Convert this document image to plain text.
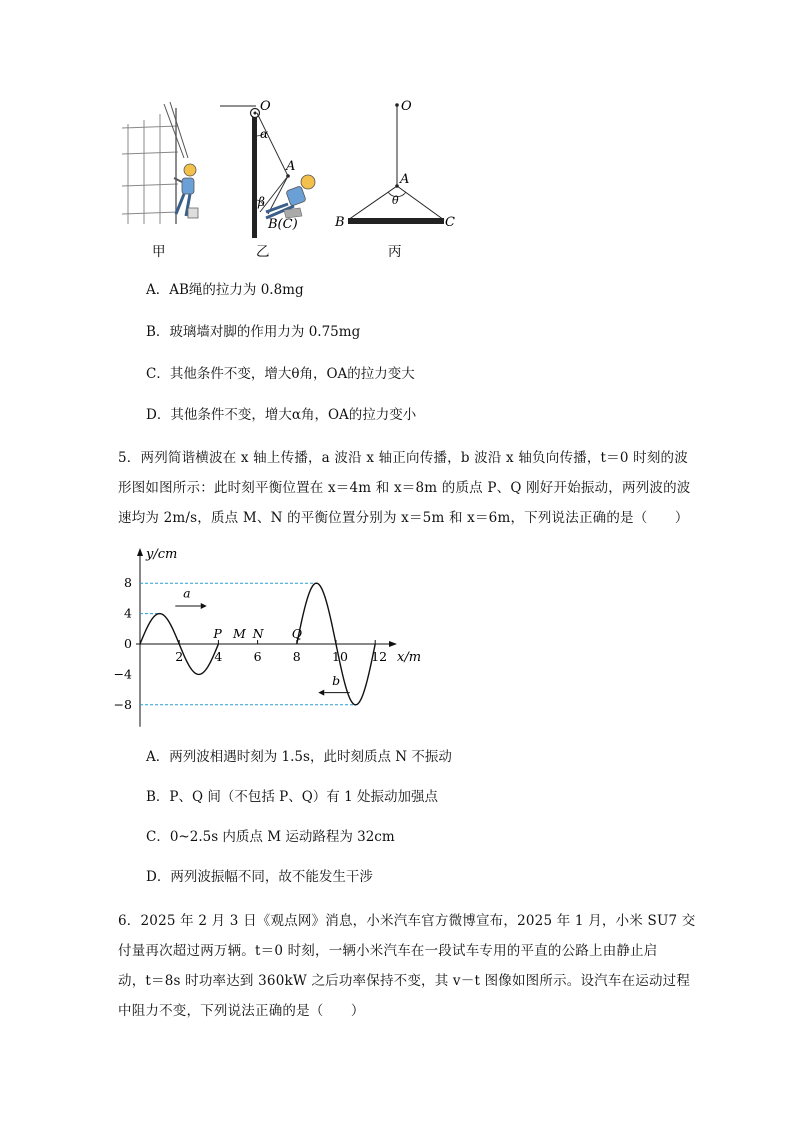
O
α
A
β
B(C)
O
A
θ
B	C
甲	乙	丙
A．AB绳的拉力为 0.8mg
B．玻璃墙对脚的作用力为 0.75mg
C．其他条件不变，增大θ角，OA的拉力变大
D．其他条件不变，增大α角，OA的拉力变小
5．两列简谐横波在 x 轴上传播，a 波沿 x 轴正向传播，b 波沿 x 轴负向传播，t＝0 时刻的波
形图如图所示：此时刻平衡位置在 x＝4m 和 x＝8m 的质点 P、Q 刚好开始振动，两列波的波
速均为 2m/s，质点 M、N 的平衡位置分别为 x＝5m 和 x＝6m，下列说法正确的是（　　）
y/cm
x/m
8
4
0
−4
−8
2 4 6 8 10 12
a
b
P M N Q
A．两列波相遇时刻为 1.5s，此时刻质点 N 不振动
B．P、Q 间（不包括 P、Q）有 1 处振动加强点
C．0~2.5s 内质点 M 运动路程为 32cm
D．两列波振幅不同，故不能发生干涉
6．2025 年 2 月 3 日《观点网》消息，小米汽车官方微博宣布，2025 年 1 月，小米 SU7 交
付量再次超过两万辆。t＝0 时刻，一辆小米汽车在一段试车专用的平直的公路上由静止启
动，t＝8s 时功率达到 360kW 之后功率保持不变，其 v－t 图像如图所示。设汽车在运动过程
中阻力不变，下列说法正确的是（　　）
